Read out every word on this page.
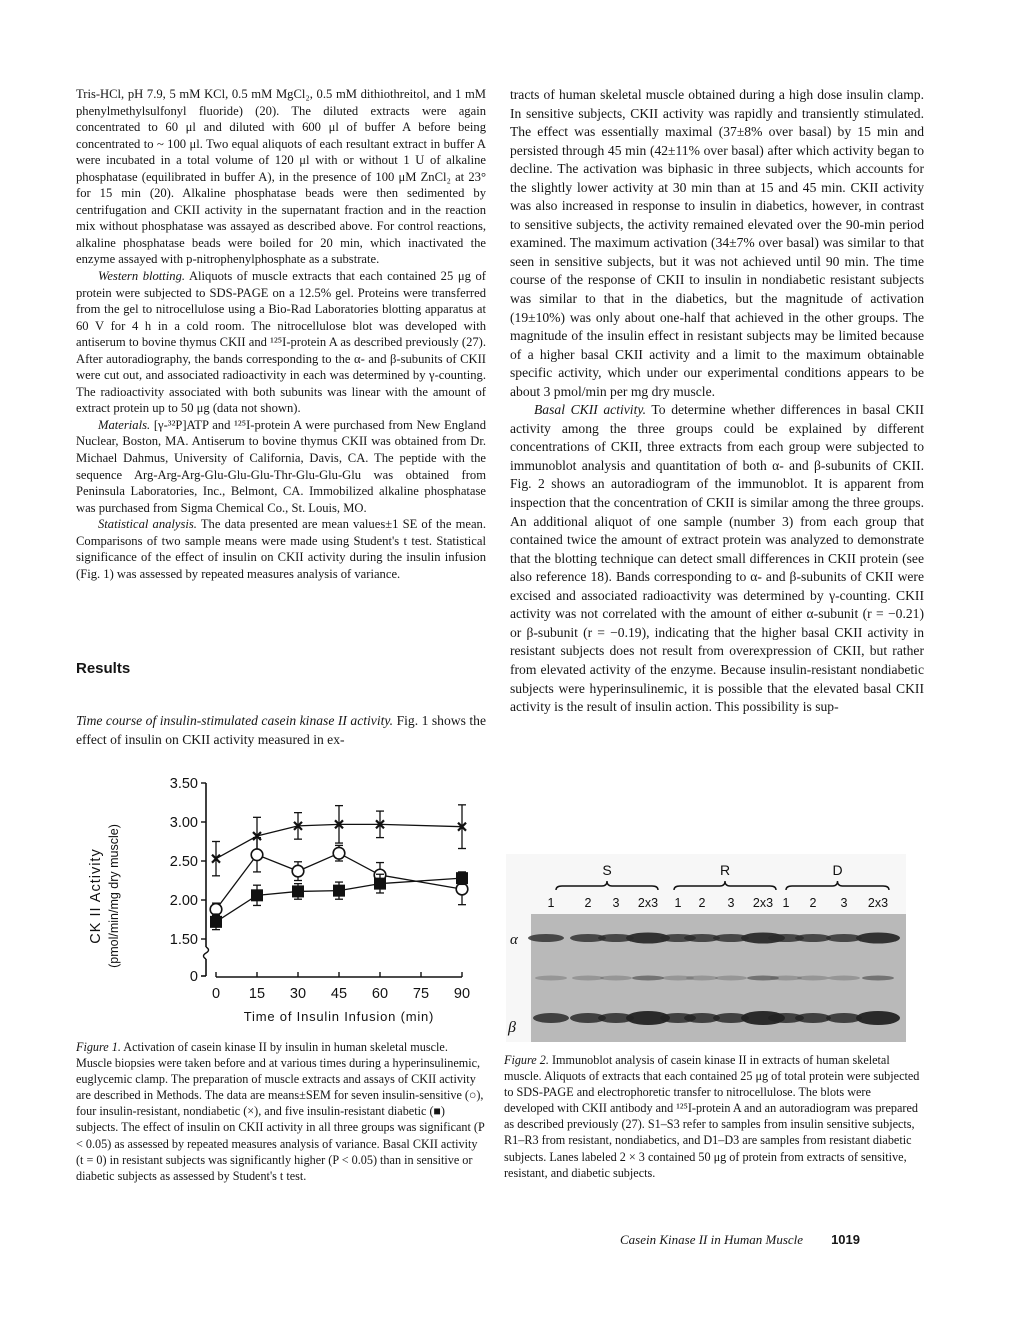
Tris-HCl, pH 7.9, 5 mM KCl, 0.5 mM MgCl₂, 0.5 mM dithiothreitol, and 1 mM phenylmethylsulfonyl fluoride) (20). The diluted extracts were again concentrated to 60 μl and diluted with 600 μl of buffer A before being concentrated to ~ 100 μl. Two equal aliquots of each resultant extract in buffer A were incubated in a total volume of 120 μl with or without 1 U of alkaline phosphatase (equilibrated in buffer A), in the presence of 100 μM ZnCl₂ at 23° for 15 min (20). Alkaline phosphatase beads were then sedimented by centrifugation and CKII activity in the supernatant fraction and in the reaction mix without phosphatase was assayed as described above. For control reactions, alkaline phosphatase beads were boiled for 20 min, which inactivated the enzyme assayed with p-nitrophenylphosphate as a substrate.

Western blotting. Aliquots of muscle extracts that each contained 25 μg of protein were subjected to SDS-PAGE on a 12.5% gel. Proteins were transferred from the gel to nitrocellulose using a Bio-Rad Laboratories blotting apparatus at 60 V for 4 h in a cold room. The nitrocellulose blot was developed with antiserum to bovine thymus CKII and ¹²⁵I-protein A as described previously (27). After autoradiography, the bands corresponding to the α- and β-subunits of CKII were cut out, and associated radioactivity in each was determined by γ-counting. The radioactivity associated with both subunits was linear with the amount of extract protein up to 50 μg (data not shown).

Materials. [γ-³²P]ATP and ¹²⁵I-protein A were purchased from New England Nuclear, Boston, MA. Antiserum to bovine thymus CKII was obtained from Dr. Michael Dahmus, University of California, Davis, CA. The peptide with the sequence Arg-Arg-Arg-Glu-Glu-Glu-Thr-Glu-Glu-Glu was obtained from Peninsula Laboratories, Inc., Belmont, CA. Immobilized alkaline phosphatase was purchased from Sigma Chemical Co., St. Louis, MO.

Statistical analysis. The data presented are mean values±1 SE of the mean. Comparisons of two sample means were made using Student's t test. Statistical significance of the effect of insulin on CKII activity during the insulin infusion (Fig. 1) was assessed by repeated measures analysis of variance.

Results
Time course of insulin-stimulated casein kinase II activity. Fig. 1 shows the effect of insulin on CKII activity measured in ex-
1.50
2.00
2.50
3.00
3.50
0
CK II Activity (pmol/min/mg dry muscle)
0 15 30 45 60 75 90
Time of Insulin Infusion (min)
Figure 1. Activation of casein kinase II by insulin in human skeletal muscle. Muscle biopsies were taken before and at various times during a hyperinsulinemic, euglycemic clamp. The preparation of muscle extracts and assays of CKII activity are described in Methods. The data are means±SEM for seven insulin-sensitive (○), four insulin-resistant, nondiabetic (×), and five insulin-resistant diabetic (■) subjects. The effect of insulin on CKII activity in all three groups was significant (P < 0.05) as assessed by repeated measures analysis of variance. Basal CKII activity (t = 0) in resistant subjects was significantly higher (P < 0.05) than in sensitive or diabetic subjects as assessed by Student's t test.

tracts of human skeletal muscle obtained during a high dose insulin clamp. In sensitive subjects, CKII activity was rapidly and transiently stimulated. The effect was essentially maximal (37±8% over basal) by 15 min and persisted through 45 min (42±11% over basal) after which activity began to decline. The activation was biphasic in three subjects, which accounts for the slightly lower activity at 30 min than at 15 and 45 min. CKII activity was also increased in response to insulin in diabetics, however, in contrast to sensitive subjects, the activity remained elevated over the 90-min period examined. The maximum activation (34±7% over basal) was similar to that seen in sensitive subjects, but it was not achieved until 90 min. The time course of the response of CKII to insulin in nondiabetic resistant subjects was similar to that in the diabetics, but the magnitude of activation (19±10%) was only about one-half that achieved in the other groups. The magnitude of the insulin effect in resistant subjects may be limited because of a higher basal CKII activity and a limit to the maximum obtainable specific activity, which under our experimental conditions appears to be about 3 pmol/min per mg dry muscle.

Basal CKII activity. To determine whether differences in basal CKII activity among the three groups could be explained by different concentrations of CKII, three extracts from each group were subjected to immunoblot analysis and quantitation of both α- and β-subunits of CKII. Fig. 2 shows an autoradiogram of the immunoblot. It is apparent from inspection that the concentration of CKII is similar among the three groups. An additional aliquot of one sample (number 3) from each group that contained twice the amount of extract protein was analyzed to demonstrate that the blotting technique can detect small differences in CKII protein (see also reference 18). Bands corresponding to α- and β-subunits of CKII were excised and associated radioactivity was determined by γ-counting. CKII activity was not correlated with the amount of either α-subunit (r = −0.21) or β-subunit (r = −0.19), indicating that the higher basal CKII activity in resistant subjects does not result from overexpression of CKII, but rather from elevated activity of the enzyme. Because insulin-resistant nondiabetic subjects were hyperinsulinemic, it is possible that the elevated basal CKII activity is the result of insulin action. This possibility is sup-

S	R	D
1 2 3 2x3 1 2 3 2x3 1 2 3 2x3
α
β
Figure 2. Immunoblot analysis of casein kinase II in extracts of human skeletal muscle. Aliquots of extracts that each contained 25 μg of total protein were subjected to SDS-PAGE and electrophoretic transfer to nitrocellulose. The blots were developed with CKII antibody and ¹²⁵I-protein A and an autoradiogram was prepared as described previously (27). S1–S3 refer to samples from insulin sensitive subjects, R1–R3 from resistant, nondiabetics, and D1–D3 are samples from resistant diabetic subjects. Lanes labeled 2 × 3 contained 50 μg of protein from extracts of sensitive, resistant, and diabetic subjects.
Casein Kinase II in Human Muscle 1019
